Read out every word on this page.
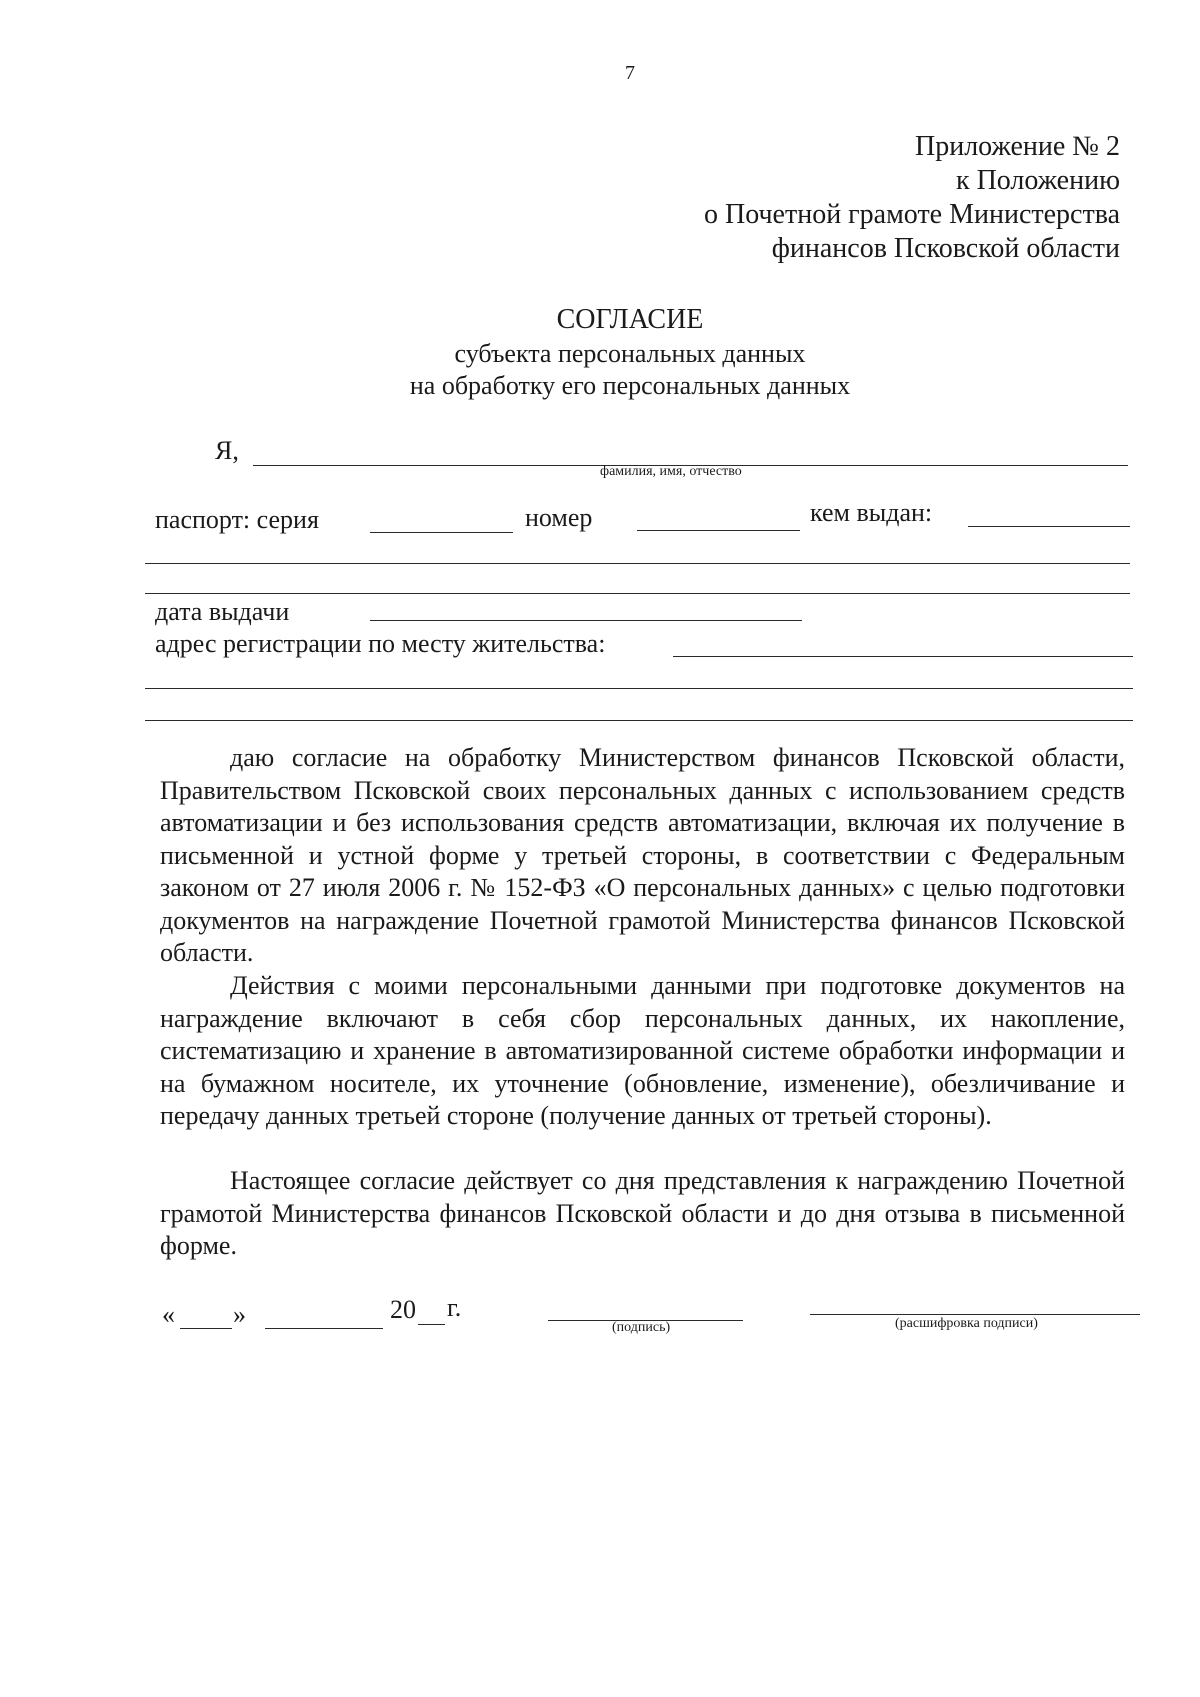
7
Приложение № 2
к Положению
о Почетной грамоте Министерства
финансов Псковской области
СОГЛАСИЕ
субъекта персональных данных
на обработку его персональных данных
Я,
фамилия, имя, отчество
паспорт: серия	номер	кем выдан:
дата выдачи
адрес регистрации по месту жительства:
даю согласие на обработку Министерством финансов Псковской области, Правительством Псковской своих персональных данных с использованием средств автоматизации и без использования средств автоматизации, включая их получение в письменной и устной форме у третьей стороны, в соответствии с Федеральным законом от 27 июля 2006 г. № 152-ФЗ «О персональных данных» с целью подготовки документов на награждение Почетной грамотой Министерства финансов Псковской области.
Действия с моими персональными данными при подготовке документов на награждение включают в себя сбор персональных данных, их накопление, систематизацию и хранение в автоматизированной системе обработки информации и на бумажном носителе, их уточнение (обновление, изменение), обезличивание и передачу данных третьей стороне (получение данных от третьей стороны).
Настоящее согласие действует со дня представления к награждению Почетной грамотой Министерства финансов Псковской области и до дня отзыва в письменной форме.
« »	20 г.
(подпись)	(расшифровка подписи)
